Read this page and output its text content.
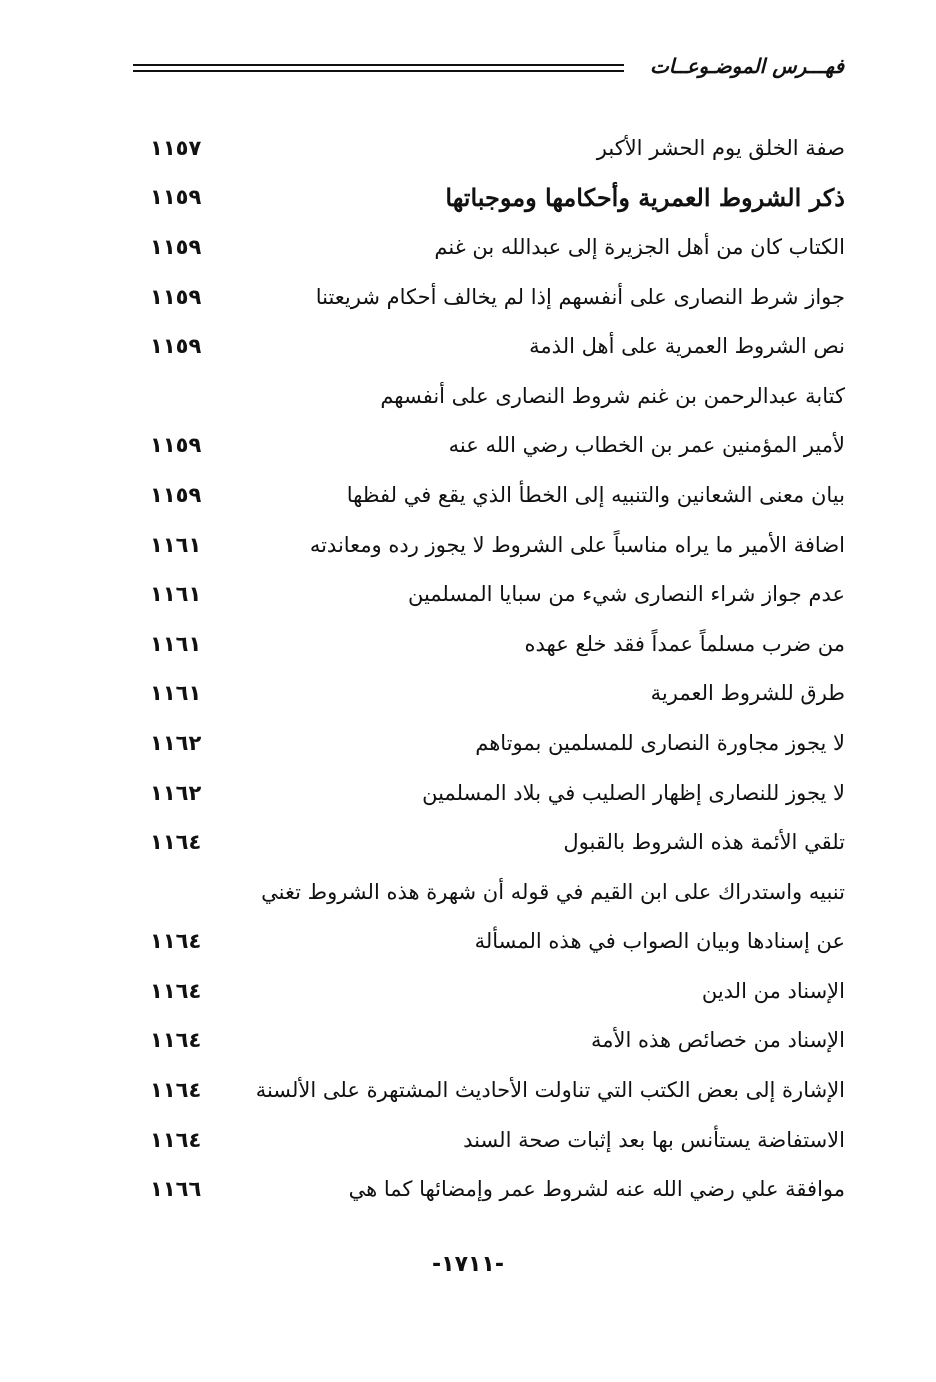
فهـــرس الموضـوعــات
صفة الخلق يوم الحشر الأكبر
١١٥٧
ذكر الشروط العمرية وأحكامها وموجباتها
١١٥٩
الكتاب كان من أهل الجزيرة إلى عبدالله بن غنم
١١٥٩
جواز شرط النصارى على أنفسهم إذا لم يخالف أحكام شريعتنا
١١٥٩
نص الشروط العمرية على أهل الذمة
١١٥٩
كتابة عبدالرحمن بن غنم شروط النصارى على أنفسهم
لأمير المؤمنين عمر بن الخطاب رضي الله عنه
١١٥٩
بيان معنى الشعانين والتنبيه إلى الخطأ الذي يقع في لفظها
١١٥٩
اضافة الأمير ما يراه مناسباً على الشروط لا يجوز رده ومعاندته
١١٦١
عدم جواز شراء النصارى شيء من سبايا المسلمين
١١٦١
من ضرب مسلماً عمداً فقد خلع عهده
١١٦١
طرق للشروط العمرية
١١٦١
لا يجوز مجاورة النصارى للمسلمين بموتاهم
١١٦٢
لا يجوز للنصارى إظهار الصليب في بلاد المسلمين
١١٦٢
تلقي الأئمة هذه الشروط بالقبول
١١٦٤
تنبيه واستدراك على ابن القيم في قوله أن شهرة هذه الشروط تغني
عن إسنادها وبيان الصواب في هذه المسألة
١١٦٤
الإسناد من الدين
١١٦٤
الإسناد من خصائص هذه الأمة
١١٦٤
الإشارة إلى بعض الكتب التي تناولت الأحاديث المشتهرة على الألسنة
١١٦٤
الاستفاضة يستأنس بها بعد إثبات صحة السند
١١٦٤
موافقة علي رضي الله عنه لشروط عمر وإمضائها كما هي
١١٦٦
-١٧١١-
